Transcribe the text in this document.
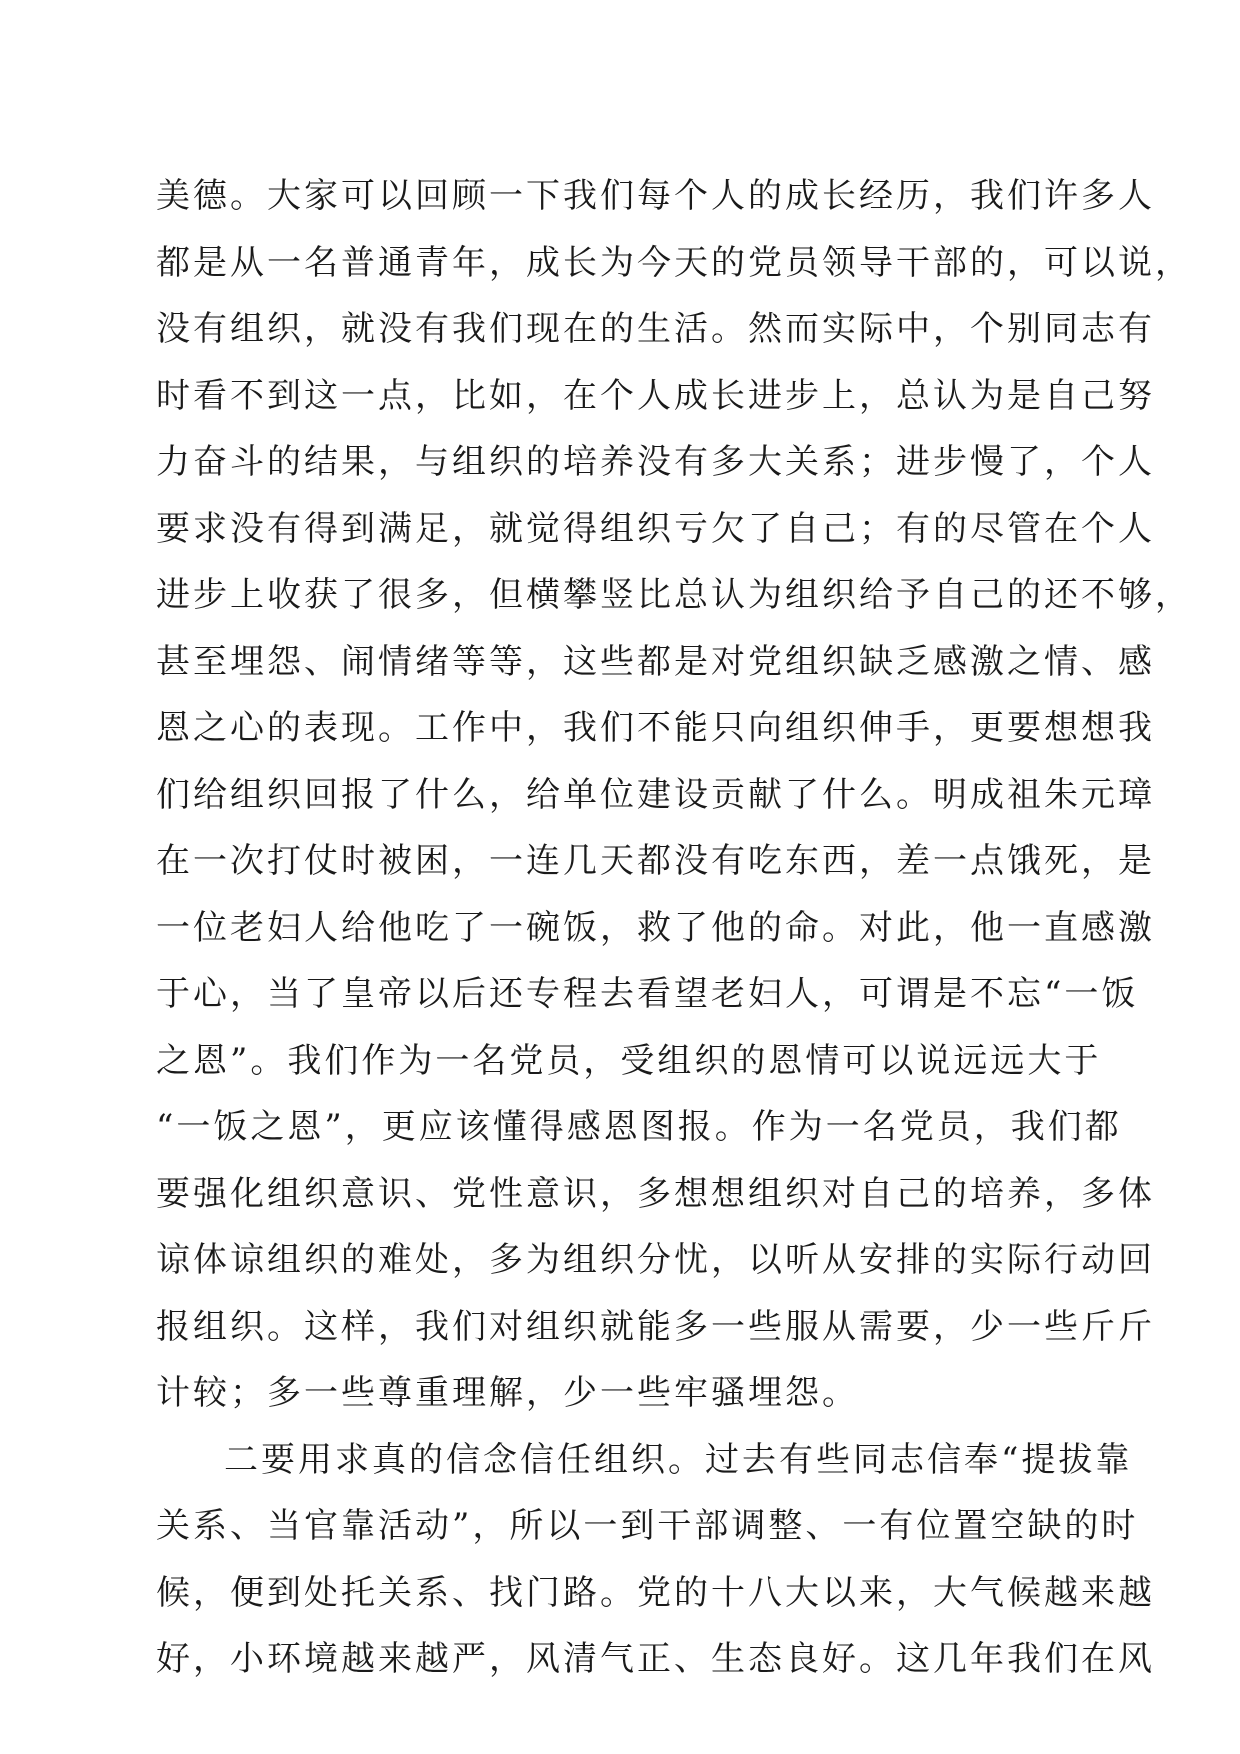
美德。大家可以回顾一下我们每个人的成长经历，我们许多人
都是从一名普通青年，成长为今天的党员领导干部的，可以说，
没有组织，就没有我们现在的生活。然而实际中，个别同志有
时看不到这一点，比如，在个人成长进步上，总认为是自己努
力奋斗的结果，与组织的培养没有多大关系；进步慢了，个人
要求没有得到满足，就觉得组织亏欠了自己；有的尽管在个人
进步上收获了很多，但横攀竖比总认为组织给予自己的还不够，
甚至埋怨、闹情绪等等，这些都是对党组织缺乏感激之情、感
恩之心的表现。工作中，我们不能只向组织伸手，更要想想我
们给组织回报了什么，给单位建设贡献了什么。明成祖朱元璋
在一次打仗时被困，一连几天都没有吃东西，差一点饿死，是
一位老妇人给他吃了一碗饭，救了他的命。对此，他一直感激
于心，当了皇帝以后还专程去看望老妇人，可谓是不忘“一饭
之恩”。我们作为一名党员，受组织的恩情可以说远远大于
“一饭之恩”，更应该懂得感恩图报。作为一名党员，我们都
要强化组织意识、党性意识，多想想组织对自己的培养，多体
谅体谅组织的难处，多为组织分忧，以听从安排的实际行动回
报组织。这样，我们对组织就能多一些服从需要，少一些斤斤
计较；多一些尊重理解，少一些牢骚埋怨。
二要用求真的信念信任组织。过去有些同志信奉“提拔靠
关系、当官靠活动”，所以一到干部调整、一有位置空缺的时
候，便到处托关系、找门路。党的十八大以来，大气候越来越
好，小环境越来越严，风清气正、生态良好。这几年我们在风
